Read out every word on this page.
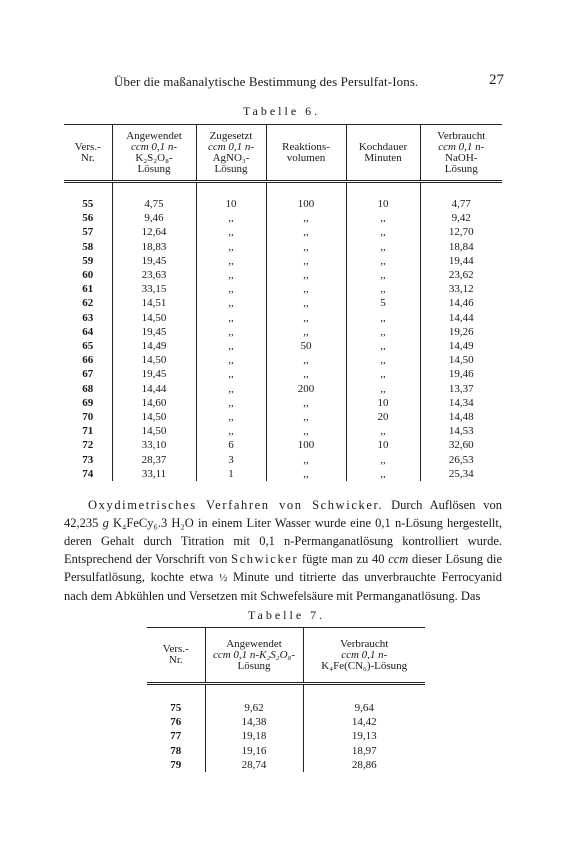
Über die maßanalytische Bestimmung des Persulfat-Ions.	27
Tabelle 6.
Vers.-
Nr.	Angewendet
ccm 0,1 n-
K₂S₂O₈-
Lösung	Zugesetzt
ccm 0,1 n-
AgNO₃-
Lösung	Reaktions-
volumen	Kochdauer
Minuten	Verbraucht
ccm 0,1 n-
NaOH-
Lösung

55	4,75	10	100	10	4,77
56	9,46	,,	,,	,,	9,42
57	12,64	,,	,,	,,	12,70
58	18,83	,,	,,	,,	18,84
59	19,45	,,	,,	,,	19,44
60	23,63	,,	,,	,,	23,62
61	33,15	,,	,,	,,	33,12
62	14,51	,,	,,	5	14,46
63	14,50	,,	,,	,,	14,44
64	19,45	,,	,,	,,	19,26
65	14,49	,,	50	,,	14,49
66	14,50	,,	,,	,,	14,50
67	19,45	,,	,,	,,	19,46
68	14,44	,,	200	,,	13,37
69	14,60	,,	,,	10	14,34
70	14,50	,,	,,	20	14,48
71	14,50	,,	,,	,,	14,53
72	33,10	6	100	10	32,60
73	28,37	3	,,	,,	26,53
74	33,11	1	,,	,,	25,34

Oxydimetrisches Verfahren von Schwicker. Durch Auflösen von 42,235 g K₄FeCy₆.3 H₂O in einem Liter Wasser wurde eine 0,1 n-Lösung hergestellt, deren Gehalt durch Titration mit 0,1 n-Permanganatlösung kontrolliert wurde. Entsprechend der Vorschrift von Schwicker fügte man zu 40 ccm dieser Lösung die Persulfatlösung, kochte etwa ½ Minute und titrierte das unverbrauchte Ferrocyanid nach dem Abkühlen und Versetzen mit Schwefelsäure mit Permanganatlösung. Das

Tabelle 7.
Vers.-
Nr.	Angewendet
ccm 0,1 n-K₂S₂O₈-
Lösung	Verbraucht
ccm 0,1 n-
K₄Fe(CN₆)-Lösung

75	9,62	9,64
76	14,38	14,42
77	19,18	19,13
78	19,16	18,97
79	28,74	28,86
